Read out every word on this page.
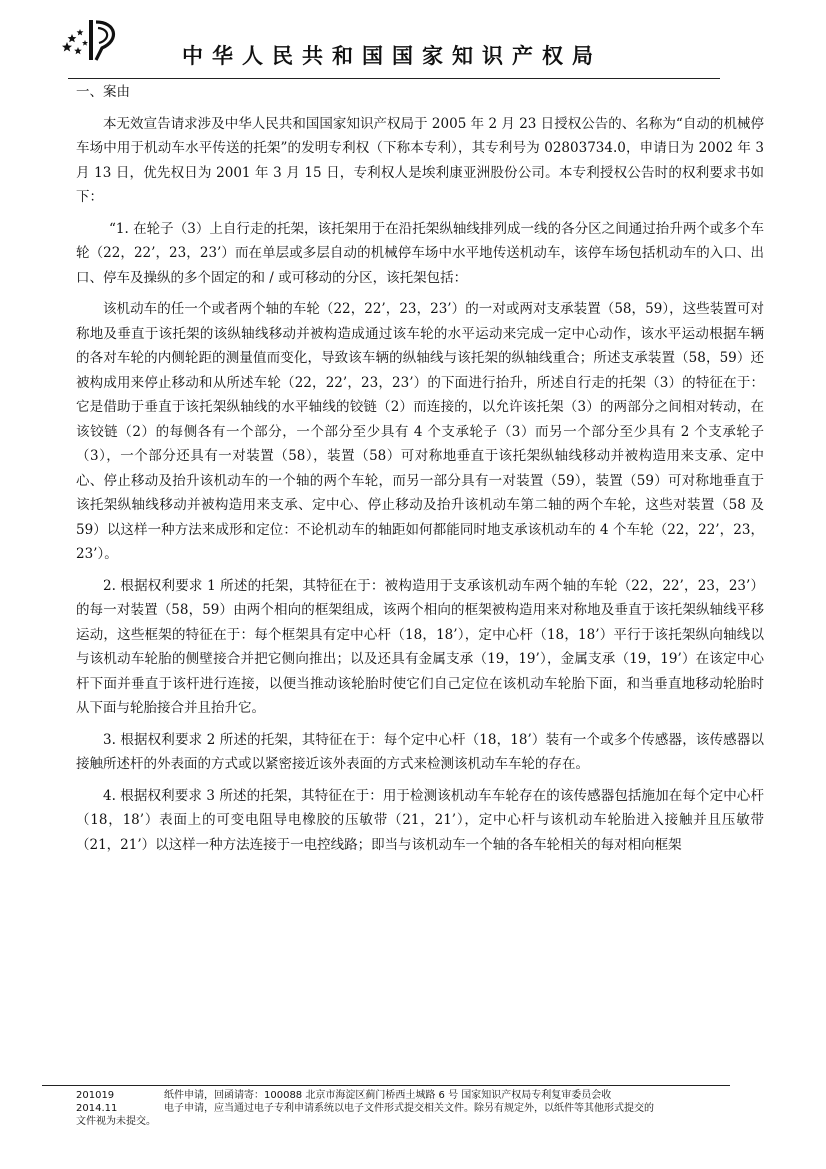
中华人民共和国国家知识产权局

一、案由

本无效宣告请求涉及中华人民共和国国家知识产权局于 2005 年 2 月 23 日授权公告的、名称为“自动的机械停车场中用于机动车水平传送的托架”的发明专利权（下称本专利），其专利号为 02803734.0，申请日为 2002 年 3 月 13 日，优先权日为 2001 年 3 月 15 日，专利权人是埃利康亚洲股份公司。本专利授权公告时的权利要求书如下：

“1. 在轮子（3）上自行走的托架，该托架用于在沿托架纵轴线排列成一线的各分区之间通过抬升两个或多个车轮（22，22’，23，23’）而在单层或多层自动的机械停车场中水平地传送机动车，该停车场包括机动车的入口、出口、停车及操纵的多个固定的和 / 或可移动的分区，该托架包括：

该机动车的任一个或者两个轴的车轮（22，22’，23，23’）的一对或两对支承装置（58，59），这些装置可对称地及垂直于该托架的该纵轴线移动并被构造成通过该车轮的水平运动来完成一定中心动作，该水平运动根据车辆的各对车轮的内侧轮距的测量值而变化，导致该车辆的纵轴线与该托架的纵轴线重合；所述支承装置（58，59）还被构成用来停止移动和从所述车轮（22，22’，23，23’）的下面进行抬升，所述自行走的托架（3）的特征在于：它是借助于垂直于该托架纵轴线的水平轴线的铰链（2）而连接的，以允许该托架（3）的两部分之间相对转动，在该铰链（2）的每侧各有一个部分，一个部分至少具有 4 个支承轮子（3）而另一个部分至少具有 2 个支承轮子（3），一个部分还具有一对装置（58），装置（58）可对称地垂直于该托架纵轴线移动并被构造用来支承、定中心、停止移动及抬升该机动车的一个轴的两个车轮，而另一部分具有一对装置（59），装置（59）可对称地垂直于该托架纵轴线移动并被构造用来支承、定中心、停止移动及抬升该机动车第二轴的两个车轮，这些对装置（58 及 59）以这样一种方法来成形和定位：不论机动车的轴距如何都能同时地支承该机动车的 4 个车轮（22，22’，23，23’）。

2. 根据权利要求 1 所述的托架，其特征在于：被构造用于支承该机动车两个轴的车轮（22，22’，23，23’）的每一对装置（58，59）由两个相向的框架组成，该两个相向的框架被构造用来对称地及垂直于该托架纵轴线平移运动，这些框架的特征在于：每个框架具有定中心杆（18，18’），定中心杆（18，18’）平行于该托架纵向轴线以与该机动车轮胎的侧壁接合并把它侧向推出；以及还具有金属支承（19，19’），金属支承（19，19’）在该定中心杆下面并垂直于该杆进行连接，以便当推动该轮胎时使它们自己定位在该机动车轮胎下面，和当垂直地移动轮胎时从下面与轮胎接合并且抬升它。

3. 根据权利要求 2 所述的托架，其特征在于：每个定中心杆（18，18’）装有一个或多个传感器，该传感器以接触所述杆的外表面的方式或以紧密接近该外表面的方式来检测该机动车车轮的存在。

4. 根据权利要求 3 所述的托架，其特征在于：用于检测该机动车车轮存在的该传感器包括施加在每个定中心杆（18，18’）表面上的可变电阻导电橡胶的压敏带（21，21’），定中心杆与该机动车轮胎进入接触并且压敏带（21，21’）以这样一种方法连接于一电控线路；即当与该机动车一个轴的各车轮相关的每对相向框架

201019	纸件申请，回函请寄：100088 北京市海淀区蓟门桥西土城路 6 号 国家知识产权局专利复审委员会收
2014.11	电子申请，应当通过电子专利申请系统以电子文件形式提交相关文件。除另有规定外，以纸件等其他形式提交的
文件视为未提交。
